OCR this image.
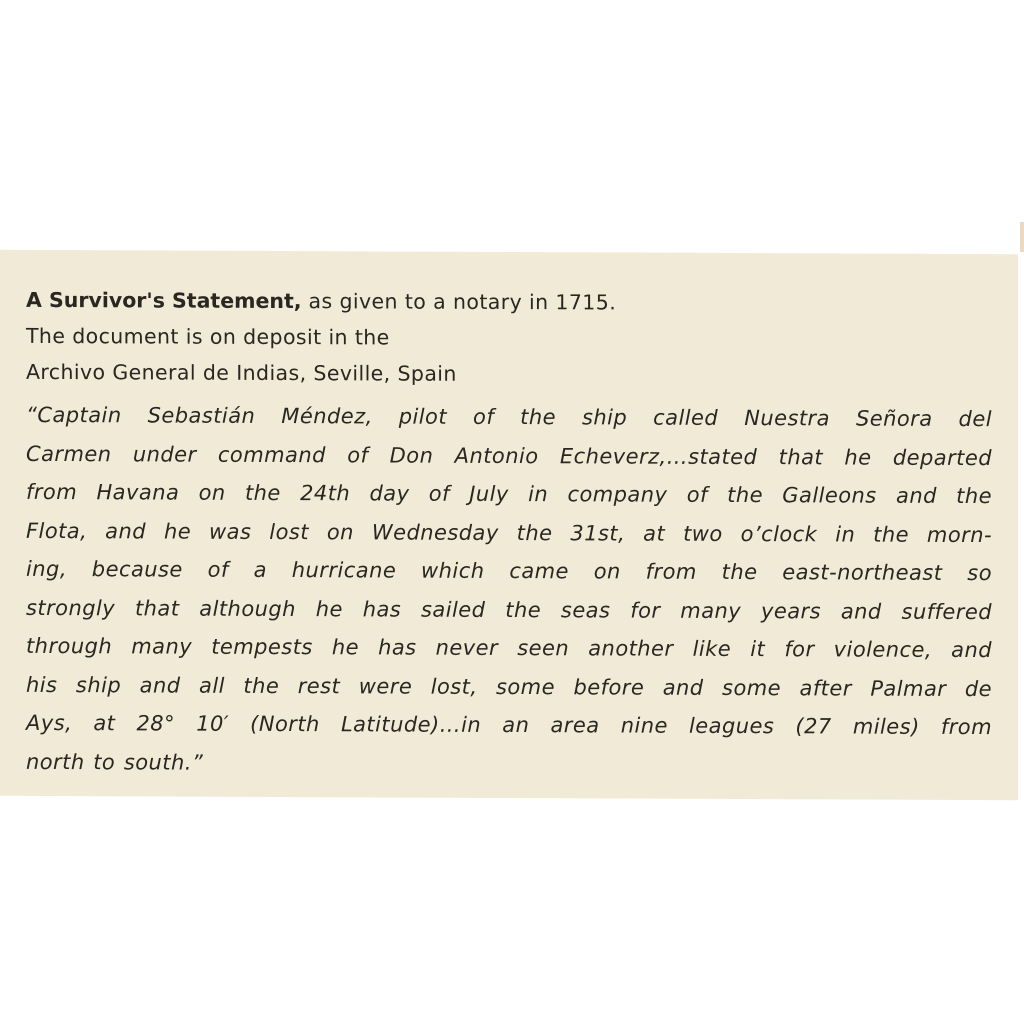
A Survivor's Statement, as given to a notary in 1715.
The document is on deposit in the
Archivo General de Indias, Seville, Spain
“Captain Sebastián Méndez, pilot of the ship called Nuestra Señora del
Carmen under command of Don Antonio Echeverz,…stated that he departed
from Havana on the 24th day of July in company of the Galleons and the
Flota, and he was lost on Wednesday the 31st, at two o’clock in the morn-
ing, because of a hurricane which came on from the east-northeast so
strongly that although he has sailed the seas for many years and suffered
through many tempests he has never seen another like it for violence, and
his ship and all the rest were lost, some before and some after Palmar de
Ays, at 28° 10′ (North Latitude)…in an area nine leagues (27 miles) from
north to south.”
